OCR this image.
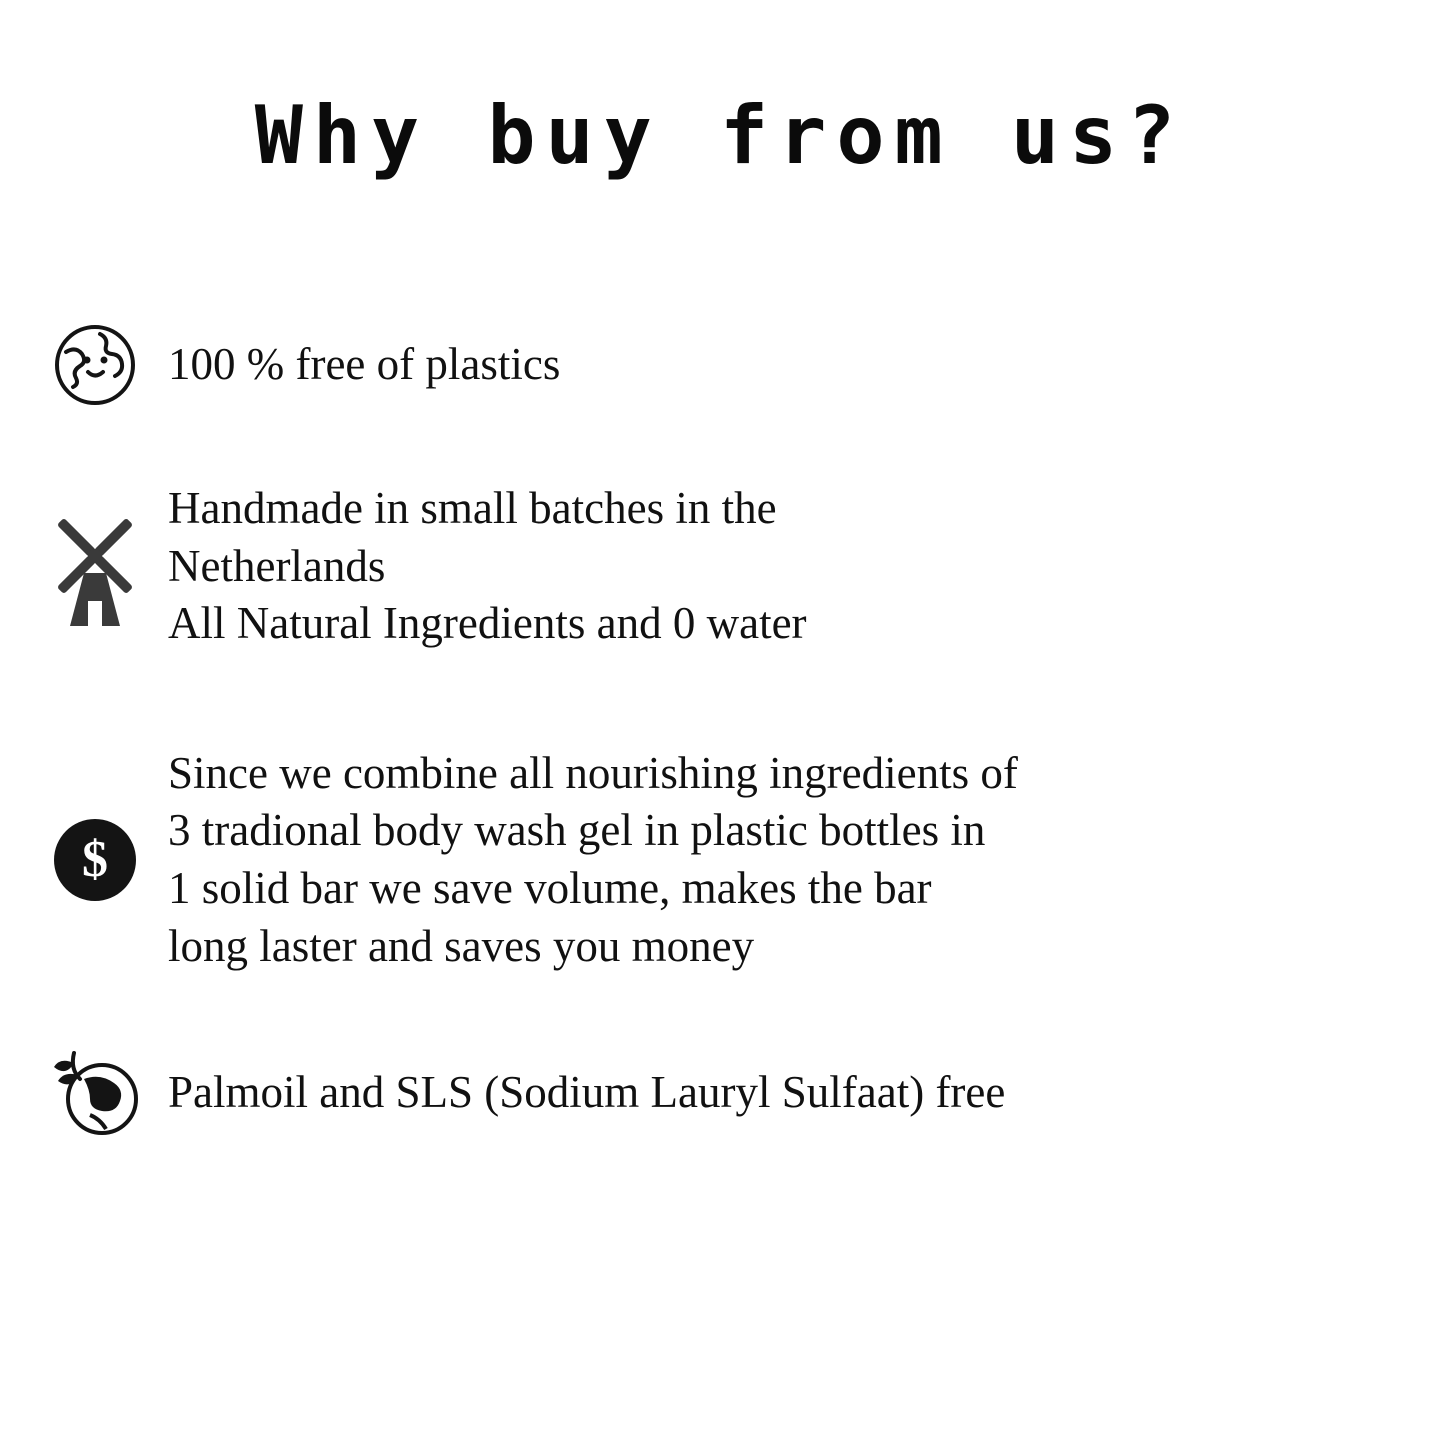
Why buy from us?
100 % free of plastics
Handmade in small batches in the
Netherlands
All Natural Ingredients and 0 water
$
Since we combine all nourishing ingredients of
3 tradional body wash gel in plastic bottles in
1 solid bar we save volume, makes the bar
long laster and saves you money
Palmoil and SLS (Sodium Lauryl Sulfaat) free
